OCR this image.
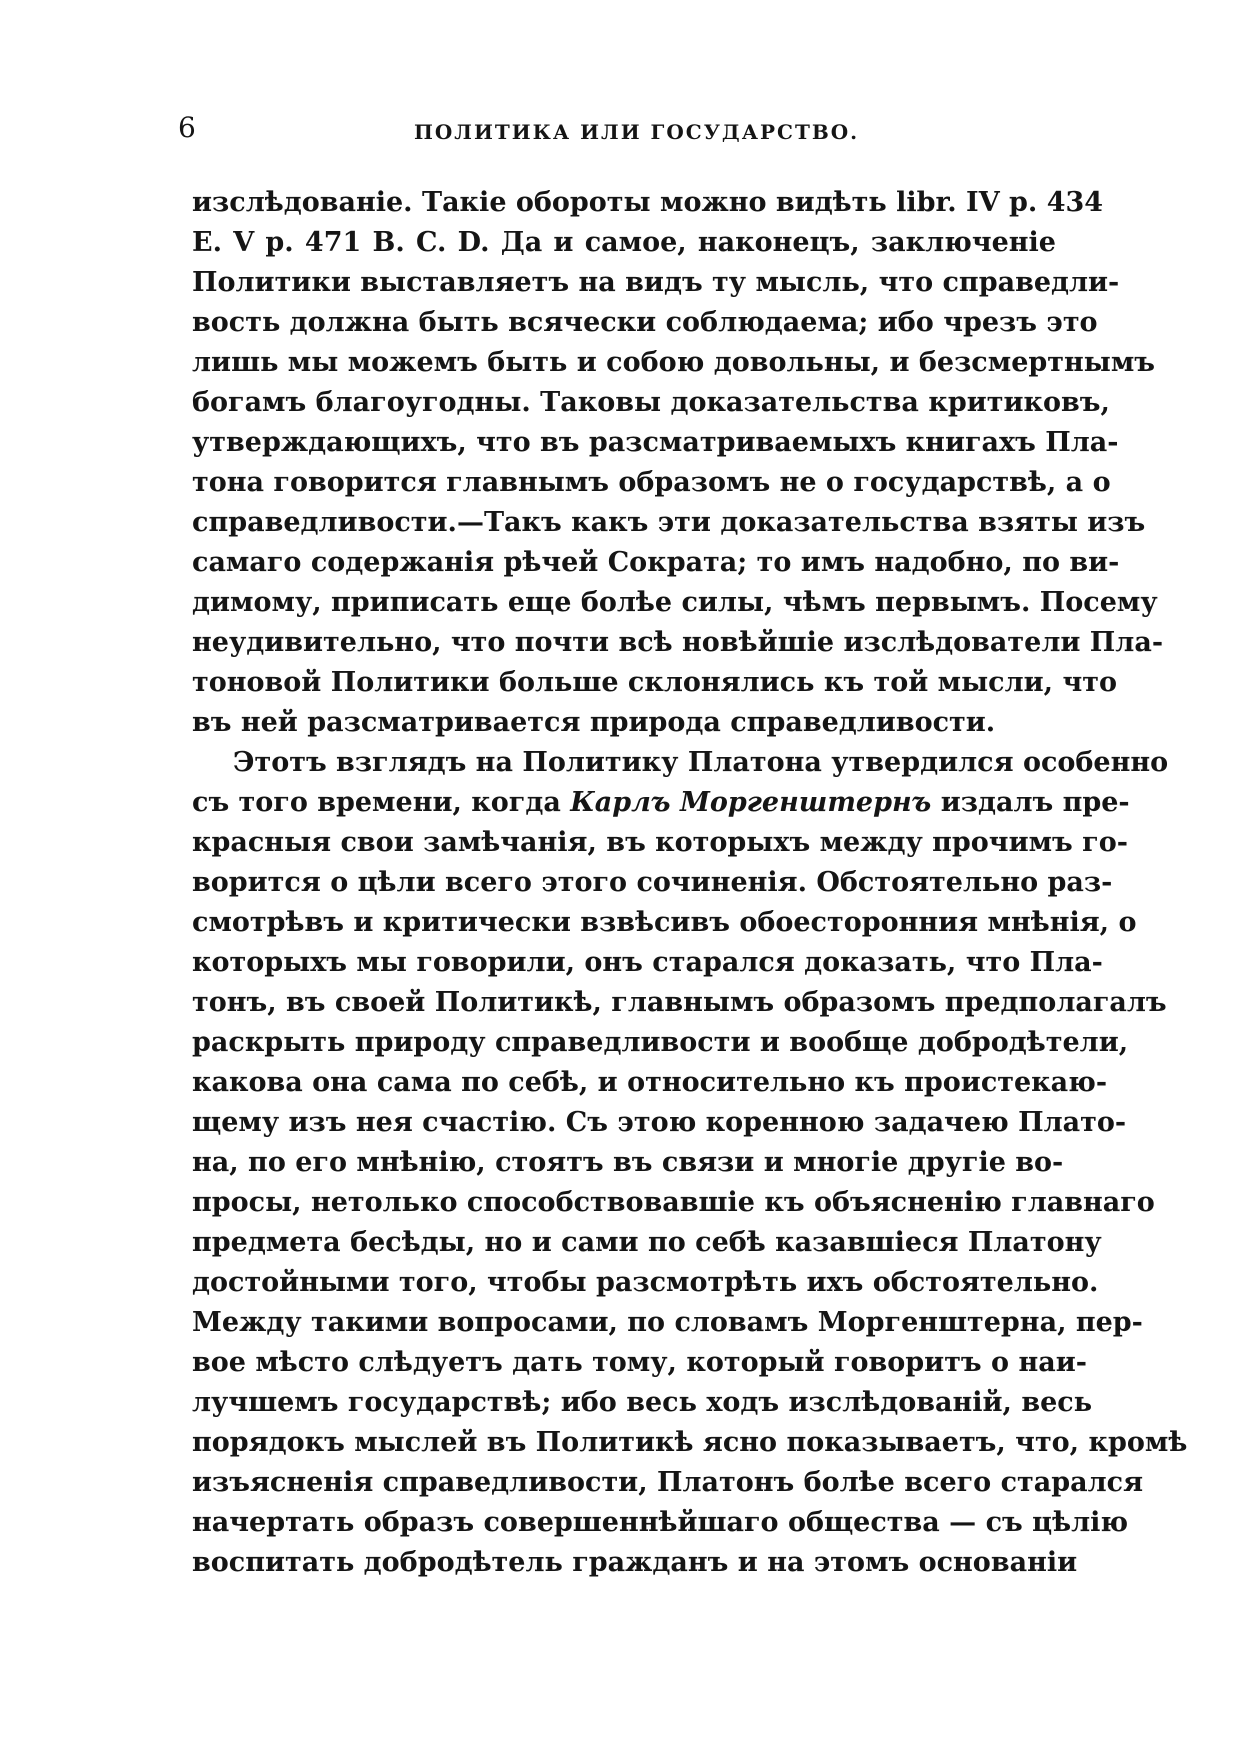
6	ПОЛИТИКА ИЛИ ГОСУДАРСТВО.

изслѣдованіе. Такіе обороты можно видѣть libr. IV p. 434
E. V p. 471 B. C. D. Да и самое, наконецъ, заключеніе
Политики выставляетъ на видъ ту мысль, что справедли-
вость должна быть всячески соблюдаема; ибо чрезъ это
лишь мы можемъ быть и собою довольны, и безсмертнымъ
богамъ благоугодны. Таковы доказательства критиковъ,
утверждающихъ, что въ разсматриваемыхъ книгахъ Пла-
тона говорится главнымъ образомъ не о государствѣ, а о
справедливости.—Такъ какъ эти доказательства взяты изъ
самаго содержанія рѣчей Сократа; то имъ надобно, по ви-
димому, приписать еще болѣе силы, чѣмъ первымъ. Посему
неудивительно, что почти всѣ новѣйшіе изслѣдователи Пла-
тоновой Политики больше склонялись къ той мысли, что
въ ней разсматривается природа справедливости.

Этотъ взглядъ на Политику Платона утвердился особенно
съ того времени, когда Карлъ Моргенштернъ издалъ пре-
красныя свои замѣчанія, въ которыхъ между прочимъ го-
ворится о цѣли всего этого сочиненія. Обстоятельно раз-
смотрѣвъ и критически взвѣсивъ обоесторонния мнѣнія, о
которыхъ мы говорили, онъ старался доказать, что Пла-
тонъ, въ своей Политикѣ, главнымъ образомъ предполагалъ
раскрыть природу справедливости и вообще добродѣтели,
какова она сама по себѣ, и относительно къ проистекаю-
щему изъ нея счастію. Съ этою коренною задачею Плато-
на, по его мнѣнію, стоятъ въ связи и многіе другіе во-
просы, нетолько способствовавшіе къ объясненію главнаго
предмета бесѣды, но и сами по себѣ казавшіеся Платону
достойными того, чтобы разсмотрѣть ихъ обстоятельно.
Между такими вопросами, по словамъ Моргенштерна, пер-
вое мѣсто слѣдуетъ дать тому, который говоритъ о наи-
лучшемъ государствѣ; ибо весь ходъ изслѣдованій, весь
порядокъ мыслей въ Политикѣ ясно показываетъ, что, кромѣ
изъясненія справедливости, Платонъ болѣе всего старался
начертать образъ совершеннѣйшаго общества — съ цѣлію
воспитать добродѣтель гражданъ и на этомъ основаніи
